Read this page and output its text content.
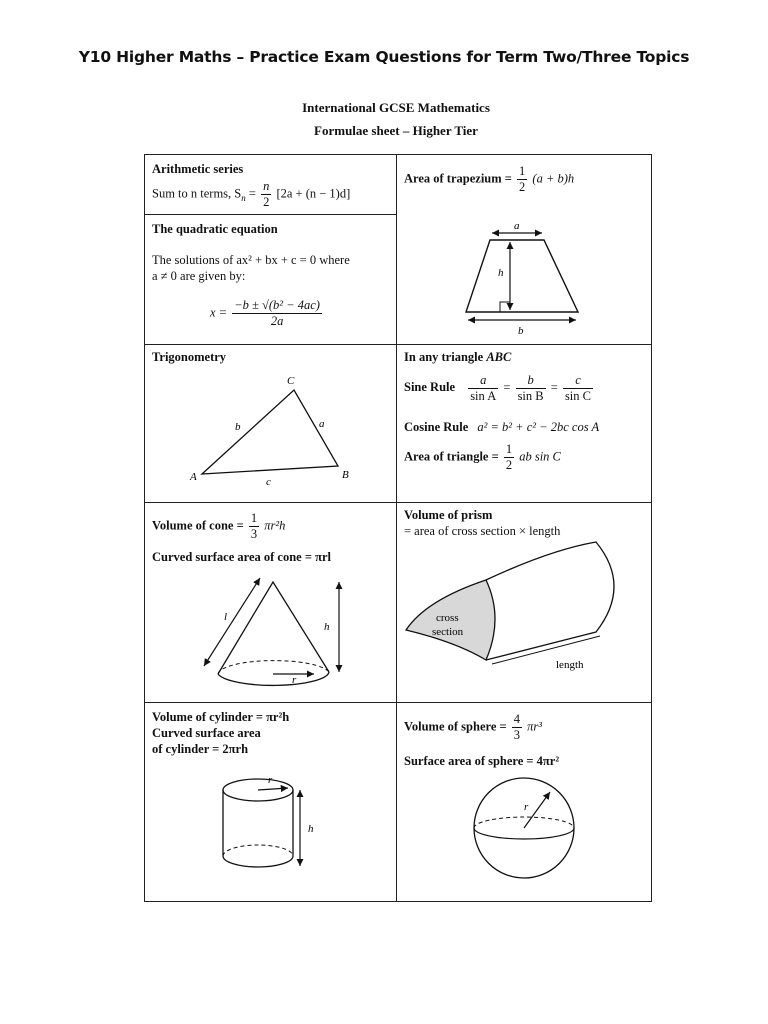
Y10 Higher Maths – Practice Exam Questions for Term Two/Three Topics
International GCSE Mathematics
Formulae sheet – Higher Tier
Arithmetic series
Sum to n terms, $S_n = \frac{n}{2} [2a + (n - 1)d]$
Area of trapezium = $\frac{1}{2} (a + b)h$
a
h
b
The quadratic equation
The solutions of ax² + bx + c = 0 where
a ≠ 0 are given by:
$x = \frac{\text{−b ± √(b² − 4ac)}}{2a}$
Trigonometry
A	B
C
b	a
c
In any triangle ABC
Sine Rule $\frac{a}{\text{sin A}} = \frac{b}{\text{sin B}} = \frac{c}{\text{sin C}}$
Cosine Rule a² = b² + c² − 2bc cos A
Area of triangle = $\frac{1}{2}$ ab sin C
Volume of cone = $\frac{1}{3} \pi r^2h$
Curved surface area of cone = πrl
r
l
h
Volume of prism
= area of cross section × length
cross
section
length
Volume of cylinder = πr²h
Curved surface area
of cylinder = 2πrh
r
h
Volume of sphere = $\frac{4}{3} \pi r^3$
Surface area of sphere = 4πr²
r
